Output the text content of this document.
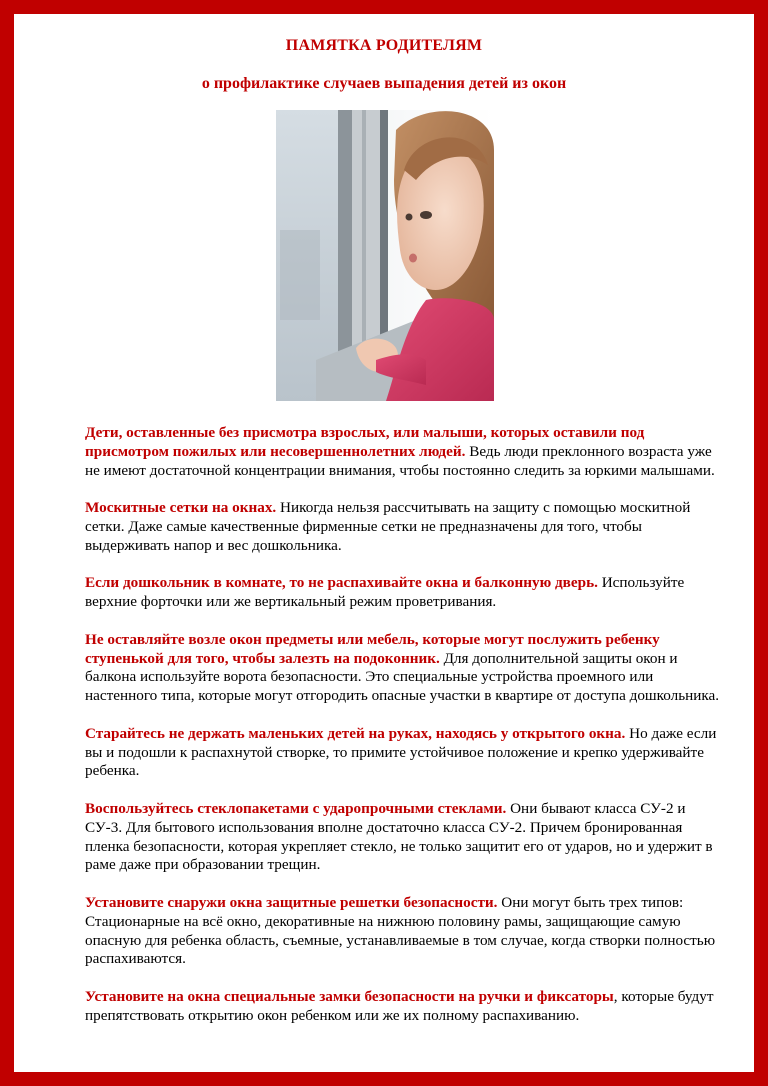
ПАМЯТКА РОДИТЕЛЯМ
о профилактике случаев выпадения детей из окон

Дети, оставленные без присмотра взрослых, или малыши, которых оставили под присмотром пожилых или несовершеннолетних людей. Ведь люди преклонного возраста уже не имеют достаточной концентрации внимания, чтобы постоянно следить за юркими малышами.

Москитные сетки на окнах. Никогда нельзя рассчитывать на защиту с помощью москитной сетки. Даже самые качественные фирменные сетки не предназначены для того, чтобы выдерживать напор и вес дошкольника.

Если дошкольник в комнате, то не распахивайте окна и балконную дверь. Используйте верхние форточки или же вертикальный режим проветривания.

Не оставляйте возле окон предметы или мебель, которые могут послужить ребенку ступенькой для того, чтобы залезть на подоконник. Для дополнительной защиты окон и балкона используйте ворота безопасности. Это специальные устройства проемного или настенного типа, которые могут отгородить опасные участки в квартире от доступа дошкольника.

Старайтесь не держать маленьких детей на руках, находясь у открытого окна. Но даже если вы и подошли к распахнутой створке, то примите устойчивое положение и крепко удерживайте ребенка.

Воспользуйтесь стеклопакетами с ударопрочными стеклами. Они бывают класса СУ-2 и СУ-3. Для бытового использования вполне достаточно класса СУ-2. Причем бронированная пленка безопасности, которая укрепляет стекло, не только защитит его от ударов, но и удержит в раме даже при образовании трещин.

Установите снаружи окна защитные решетки безопасности. Они могут быть трех типов: Стационарные на всё окно, декоративные на нижнюю половину рамы, защищающие самую опасную для ребенка область, съемные, устанавливаемые в том случае, когда створки полностью распахиваются.

Установите на окна специальные замки безопасности на ручки и фиксаторы, которые будут препятствовать открытию окон ребенком или же их полному распахиванию.
